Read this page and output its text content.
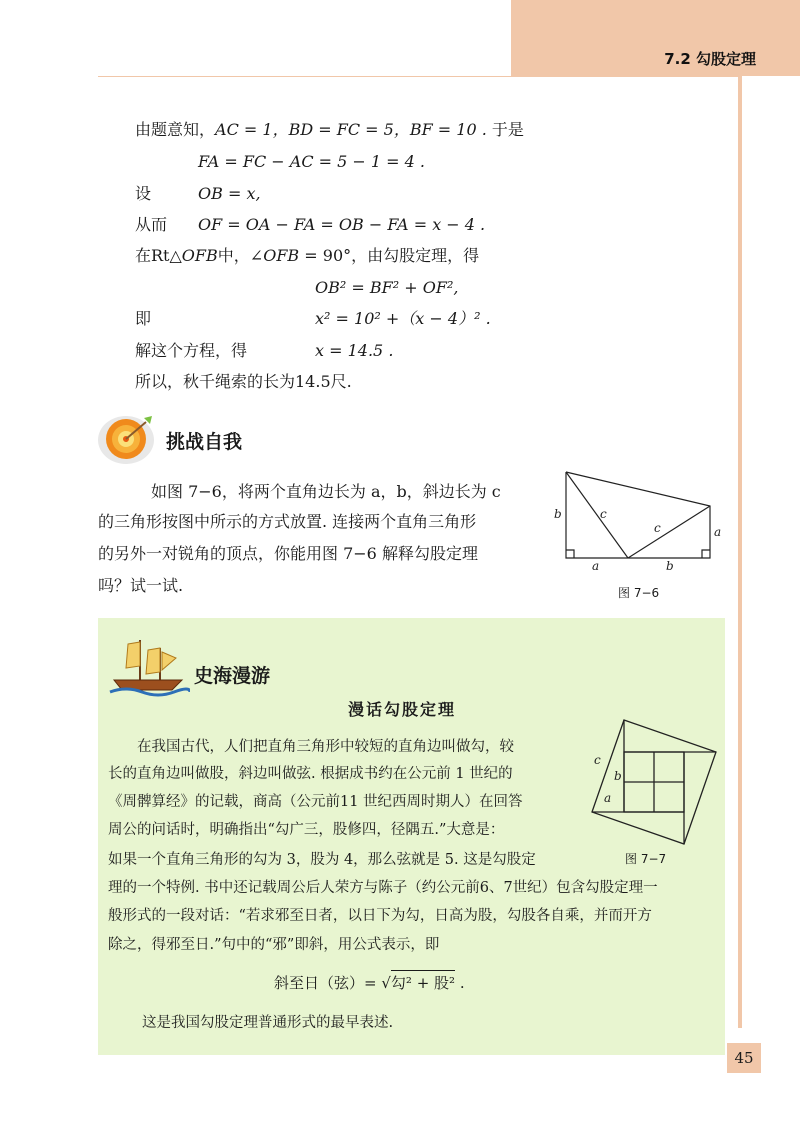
7.2 勾股定理
由题意知，AC = 1，BD = FC = 5，BF = 10 . 于是
FA = FC − AC = 5 − 1 = 4 .
设	OB = x,
从而 OF = OA − FA = OB − FA = x − 4 .
在Rt△OFB中，∠OFB = 90°，由勾股定理，得
OB² = BF² + OF²,
即	x² = 10² +（x − 4）² .
解这个方程，得	x = 14.5 .
所以，秋千绳索的长为14.5尺.
挑战自我
　如图 7−6，将两个直角边长为 a，b，斜边长为 c
的三角形按图中所示的方式放置. 连接两个直角三角形
的另外一对锐角的顶点，你能用图 7−6 解释勾股定理
吗？试一试.
b	c
c	a
a	b
图 7−6
史海漫游
漫话勾股定理
　　在我国古代，人们把直角三角形中较短的直角边叫做勾，较
长的直角边叫做股，斜边叫做弦. 根据成书约在公元前 1 世纪的
《周髀算经》的记载，商高（公元前11 世纪西周时期人）在回答
周公的问话时，明确指出“勾广三，股修四，径隅五.”大意是：
如果一个直角三角形的勾为 3，股为 4，那么弦就是 5. 这是勾股定
理的一个特例. 书中还记载周公后人荣方与陈子（约公元前6、7世纪）包含勾股定理一
般形式的一段对话：“若求邪至日者，以日下为勾，日高为股，勾股各自乘，并而开方
除之，得邪至日.”句中的“邪”即斜，用公式表示，即
斜至日（弦）= √勾² + 股² .
这是我国勾股定理普通形式的最早表述.
c
b
a
图 7−7
45
